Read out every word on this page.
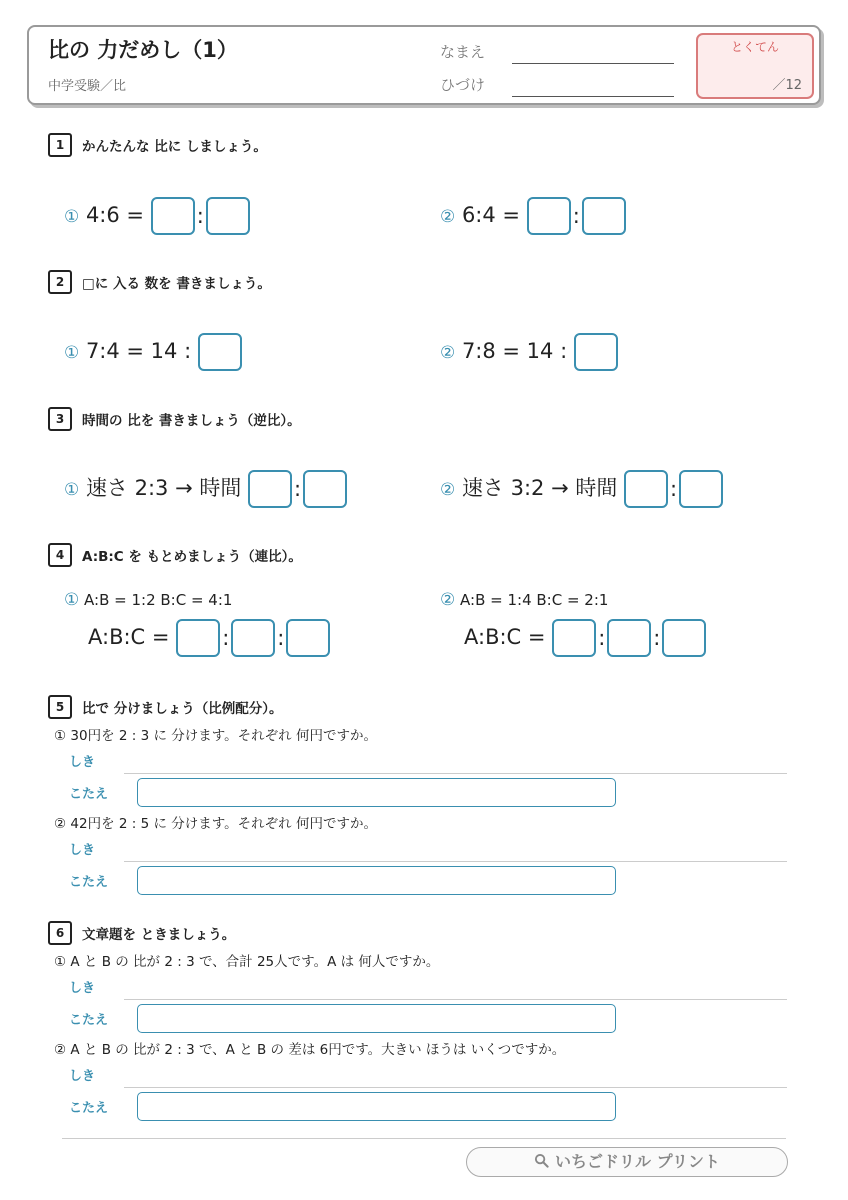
比の 力だめし（1）
中学受験／比
なまえ
ひづけ
とくてん
／12
1	かんたんな 比に しましょう。
① 4:6 =	:	② 6:4 =	:
2	□に 入る 数を 書きましょう。
① 7:4 = 14 :	② 7:8 = 14 :
3	時間の 比を 書きましょう（逆比）。
① 速さ 2:3 → 時間	:	② 速さ 3:2 → 時間	:
4	A:B:C を もとめましょう（連比）。
① A:B = 1:2 B:C = 4:1
A:B:C =	: :
② A:B = 1:4 B:C = 2:1
A:B:C =	: :
5	比で 分けましょう（比例配分）。
① 30円を 2 : 3 に 分けます。それぞれ 何円ですか。
しき
こたえ
② 42円を 2 : 5 に 分けます。それぞれ 何円ですか。
しき
こたえ
6	文章題を ときましょう。
① A と B の 比が 2 : 3 で、合計 25人です。A は 何人ですか。
しき
こたえ
② A と B の 比が 2 : 3 で、A と B の 差は 6円です。大きい ほうは いくつですか。
しき
こたえ
いちごドリル プリント
